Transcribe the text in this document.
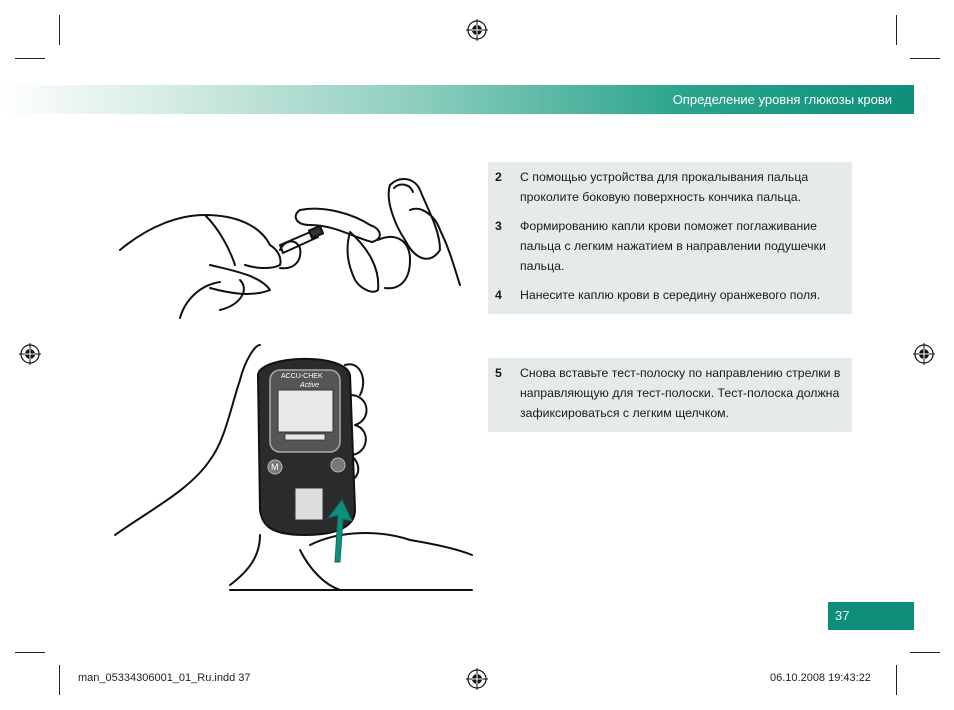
Определение уровня глюкозы крови
ACCU-CHEK
Active
M
2 С помощью устройства для прокалывания пальца
проколите боковую поверхность кончика пальца.
3 Формированию капли крови поможет поглаживание
пальца с легким нажатием в направлении подушечки
пальца.
4 Нанесите каплю крови в середину оранжевого поля.
5 Снова вставьте тест-полоску по направлению стрелки в
направляющую для тест-полоски. Тест-полоска должна
зафиксироваться с легким щелчком.
37
man_05334306001_01_Ru.indd 37	06.10.2008 19:43:22
